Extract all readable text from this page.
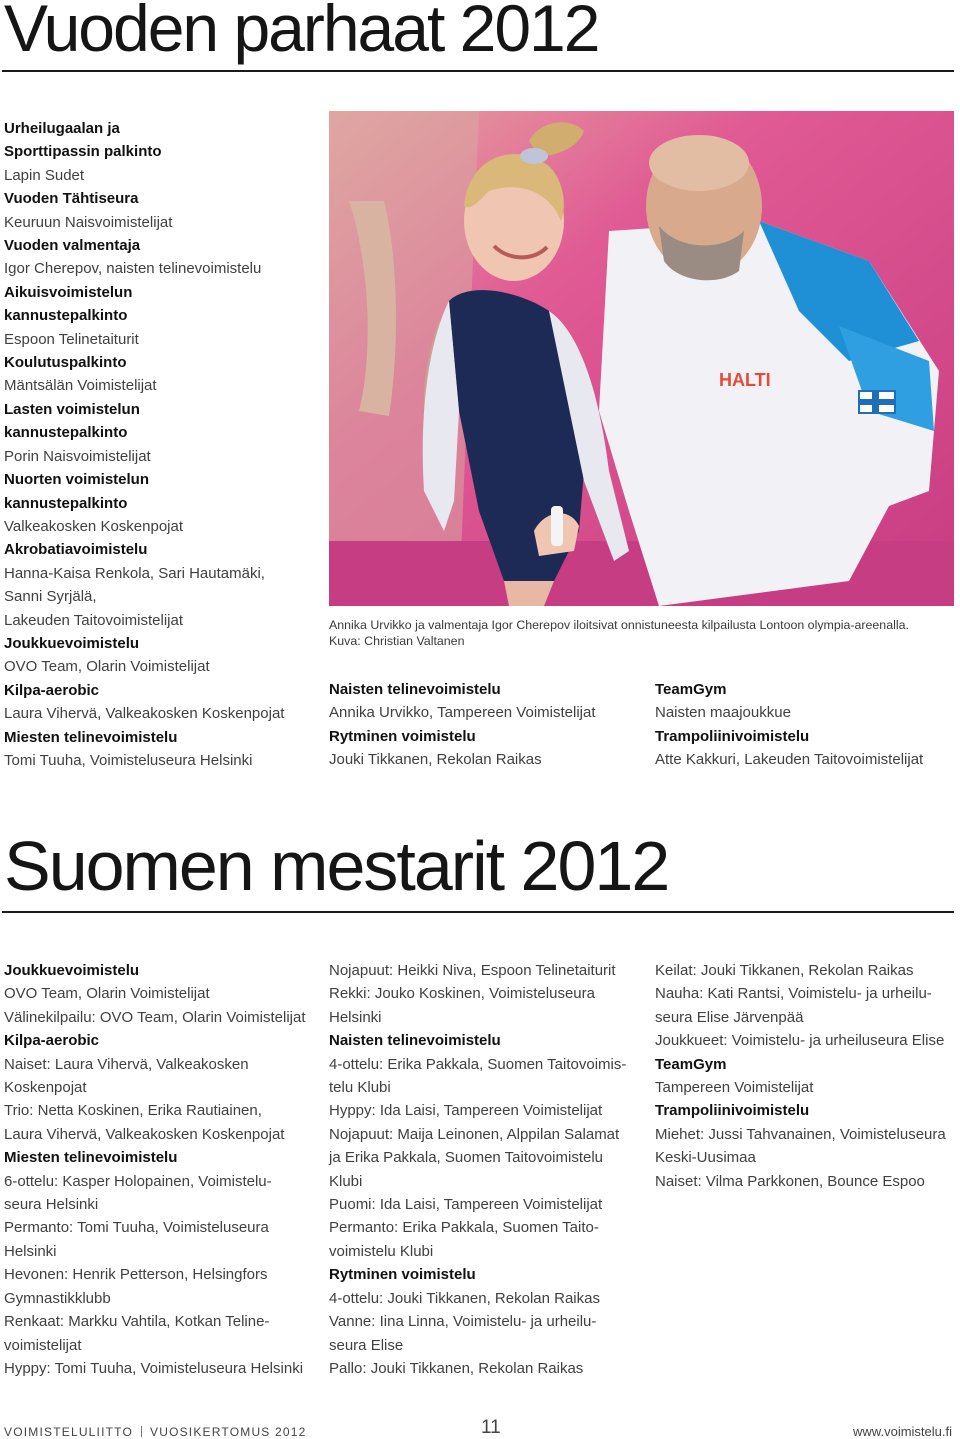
Vuoden parhaat 2012
Urheilugaalan ja
Sporttipassin palkinto
Lapin Sudet
Vuoden Tähtiseura
Keuruun Naisvoimistelijat
Vuoden valmentaja
Igor Cherepov, naisten telinevoimistelu
Aikuisvoimistelun
kannustepalkinto
Espoon Telinetaiturit
Koulutuspalkinto
Mäntsälän Voimistelijat
Lasten voimistelun
kannustepalkinto
Porin Naisvoimistelijat
Nuorten voimistelun
kannustepalkinto
Valkeakosken Koskenpojat
Akrobatiavoimistelu
Hanna-Kaisa Renkola, Sari Hautamäki,
Sanni Syrjälä,
Lakeuden Taitovoimistelijat
Joukkuevoimistelu
OVO Team, Olarin Voimistelijat
Kilpa-aerobic
Laura Vihervä, Valkeakosken Koskenpojat
Miesten telinevoimistelu
Tomi Tuuha, Voimisteluseura Helsinki
HALTI
Annika Urvikko ja valmentaja Igor Cherepov iloitsivat onnistuneesta kilpailusta Lontoon olympia-areenalla.
Kuva: Christian Valtanen
Naisten telinevoimistelu
Annika Urvikko, Tampereen Voimistelijat
Rytminen voimistelu
Jouki Tikkanen, Rekolan Raikas
TeamGym
Naisten maajoukkue
Trampoliinivoimistelu
Atte Kakkuri, Lakeuden Taitovoimistelijat
Suomen mestarit 2012
Joukkuevoimistelu
OVO Team, Olarin Voimistelijat
Välinekilpailu: OVO Team, Olarin Voimistelijat
Kilpa-aerobic
Naiset: Laura Vihervä, Valkeakosken
Koskenpojat
Trio: Netta Koskinen, Erika Rautiainen,
Laura Vihervä, Valkeakosken Koskenpojat
Miesten telinevoimistelu
6-ottelu: Kasper Holopainen, Voimistelu-
seura Helsinki
Permanto: Tomi Tuuha, Voimisteluseura
Helsinki
Hevonen: Henrik Petterson, Helsingfors
Gymnastikklubb
Renkaat: Markku Vahtila, Kotkan Teline-
voimistelijat
Hyppy: Tomi Tuuha, Voimisteluseura Helsinki
Nojapuut: Heikki Niva, Espoon Telinetaiturit
Rekki: Jouko Koskinen, Voimisteluseura
Helsinki
Naisten telinevoimistelu
4-ottelu: Erika Pakkala, Suomen Taitovoimis-
telu Klubi
Hyppy: Ida Laisi, Tampereen Voimistelijat
Nojapuut: Maija Leinonen, Alppilan Salamat
ja Erika Pakkala, Suomen Taitovoimistelu
Klubi
Puomi: Ida Laisi, Tampereen Voimistelijat
Permanto: Erika Pakkala, Suomen Taito-
voimistelu Klubi
Rytminen voimistelu
4-ottelu: Jouki Tikkanen, Rekolan Raikas
Vanne: Iina Linna, Voimistelu- ja urheilu-
seura Elise
Pallo: Jouki Tikkanen, Rekolan Raikas
Keilat: Jouki Tikkanen, Rekolan Raikas
Nauha: Kati Rantsi, Voimistelu- ja urheilu-
seura Elise Järvenpää
Joukkueet: Voimistelu- ja urheiluseura Elise
TeamGym
Tampereen Voimistelijat
Trampoliinivoimistelu
Miehet: Jussi Tahvanainen, Voimisteluseura
Keski-Uusimaa
Naiset: Vilma Parkkonen, Bounce Espoo
VOIMISTELULIITTO VUOSIKERTOMUS 2012	11	www.voimistelu.fi
